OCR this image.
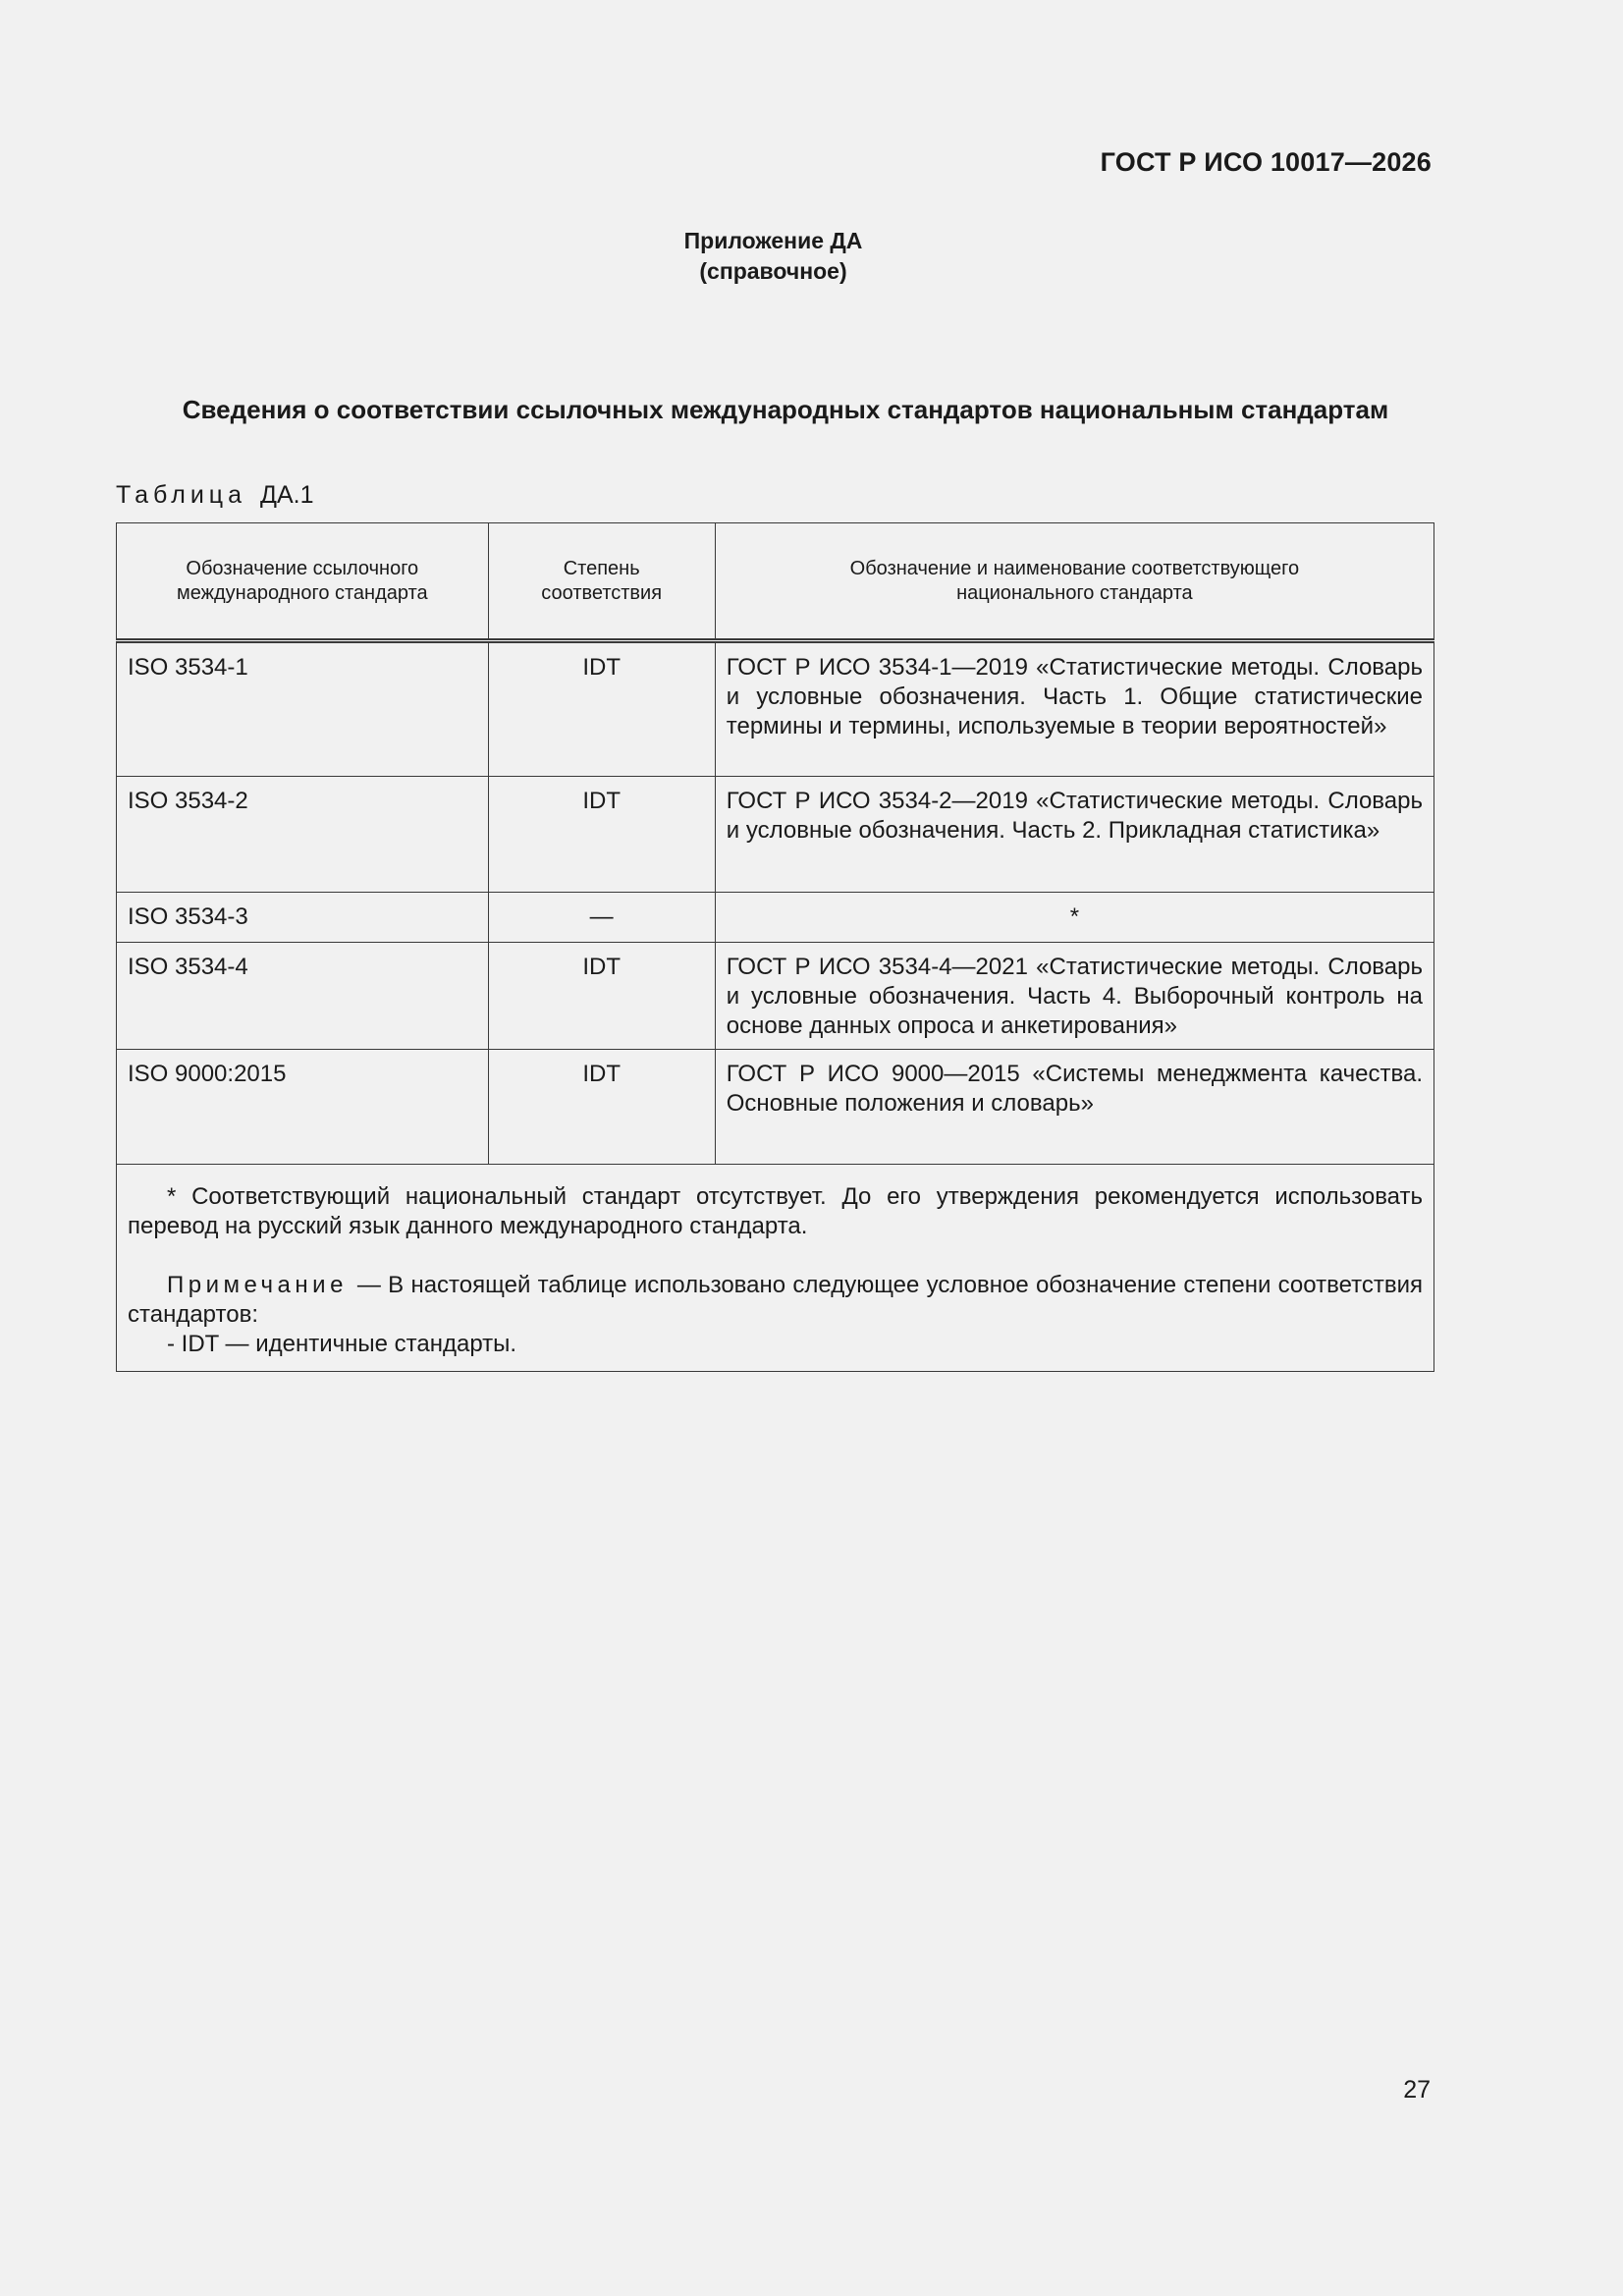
ГОСТ Р ИСО 10017—2026
Приложение ДА
(справочное)
Сведения о соответствии ссылочных международных стандартов национальным стандартам
Таблица ДА.1
Обозначение ссылочного международного стандарта	Степень соответствия	Обозначение и наименование соответствующего национального стандарта
ISO 3534-1	IDT	ГОСТ Р ИСО 3534-1—2019 «Статистические методы. Словарь и условные обозначения. Часть 1. Общие статистические термины и термины, используемые в теории вероятностей»
ISO 3534-2	IDT	ГОСТ Р ИСО 3534-2—2019 «Статистические методы. Словарь и условные обозначения. Часть 2. Прикладная статистика»
ISO 3534-3	—	*
ISO 3534-4	IDT	ГОСТ Р ИСО 3534-4—2021 «Статистические методы. Словарь и условные обозначения. Часть 4. Выборочный контроль на основе данных опроса и анкетирования»
ISO 9000:2015	IDT	ГОСТ Р ИСО 9000—2015 «Системы менеджмента качества. Основные положения и словарь»

* Соответствующий национальный стандарт отсутствует. До его утверждения рекомендуется использовать перевод на русский язык данного международного стандарта.

Примечание — В настоящей таблице использовано следующее условное обозначение степени соответствия стандартов:

- IDT — идентичные стандарты.		

27
